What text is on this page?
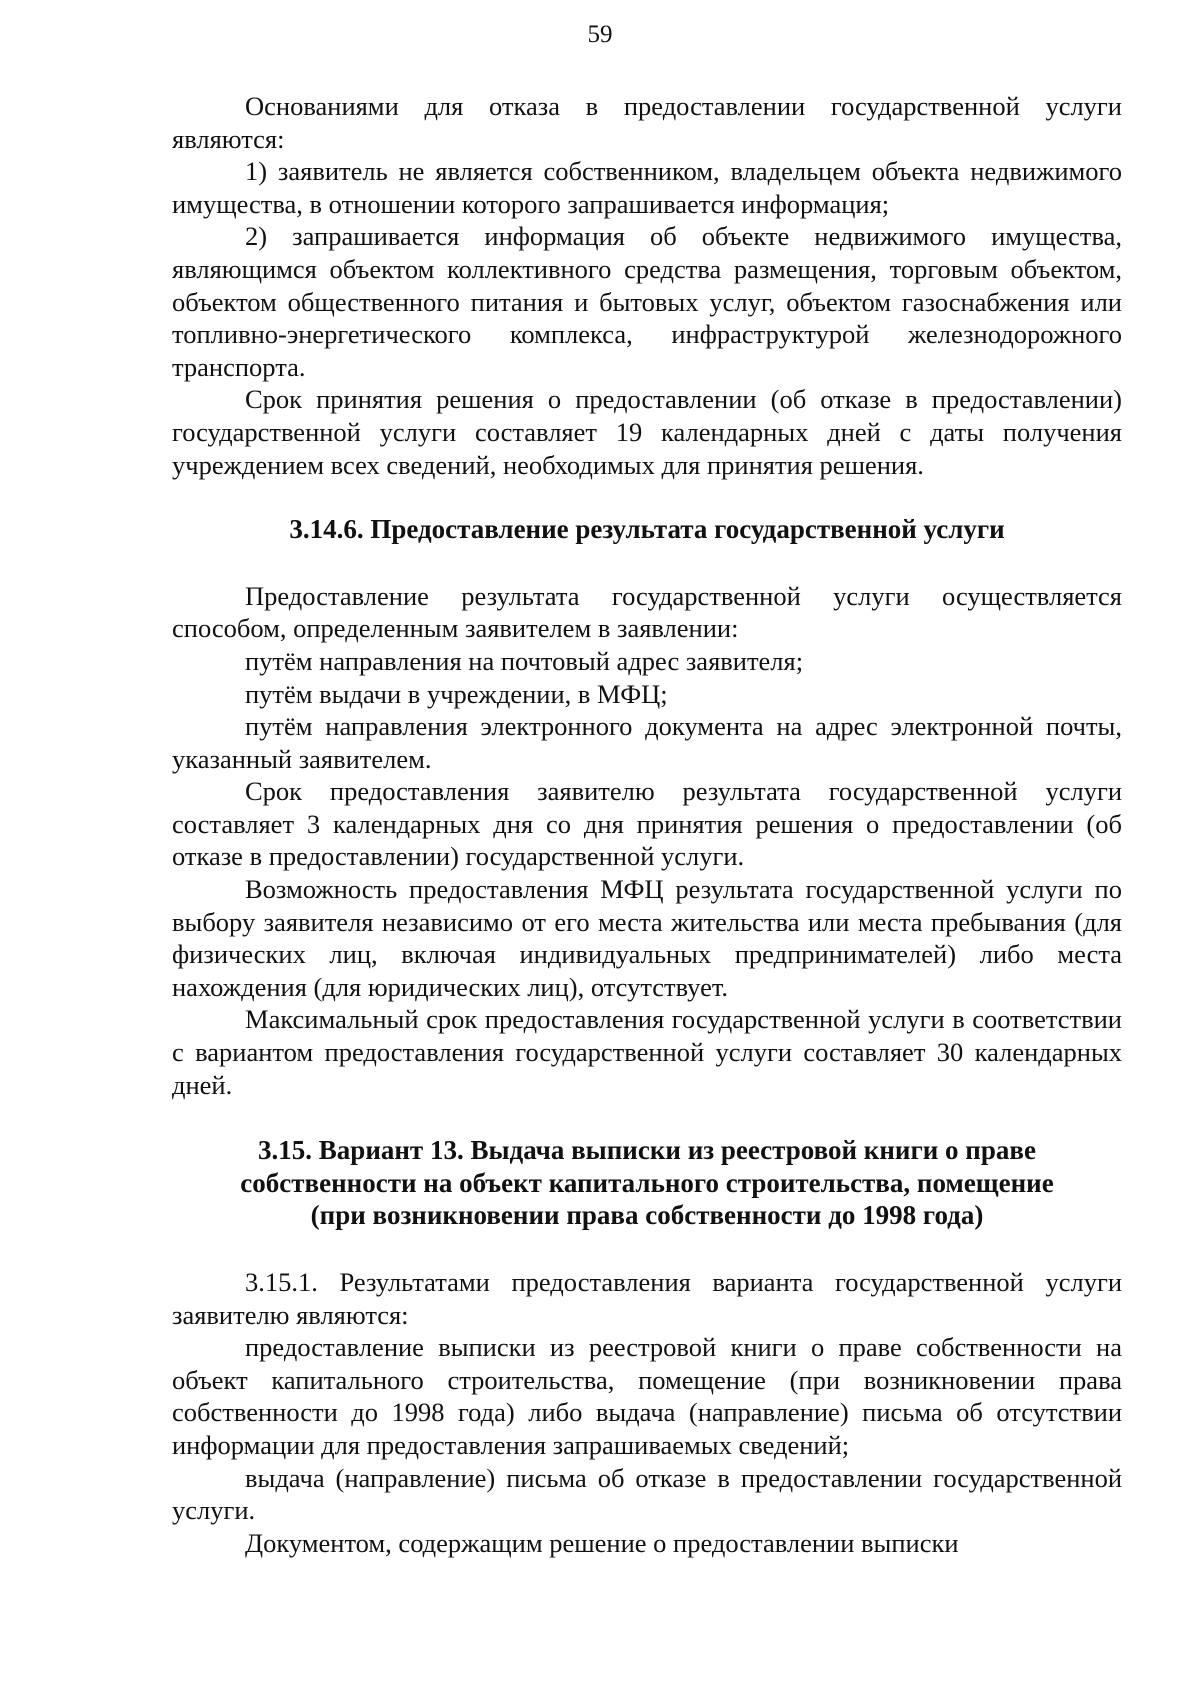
59

Основаниями для отказа в предоставлении государственной услуги являются:

1) заявитель не является собственником, владельцем объекта недвижимого имущества, в отношении которого запрашивается информация;

2) запрашивается информация об объекте недвижимого имущества, являющимся объектом коллективного средства размещения, торговым объектом, объектом общественного питания и бытовых услуг, объектом газоснабжения или топливно-энергетического комплекса, инфраструктурой железнодорожного транспорта.

Срок принятия решения о предоставлении (об отказе в предоставлении) государственной услуги составляет 19 календарных дней с даты получения учреждением всех сведений, необходимых для принятия решения.

3.14.6. Предоставление результата государственной услуги

Предоставление результата государственной услуги осуществляется способом, определенным заявителем в заявлении:

путём направления на почтовый адрес заявителя;

путём выдачи в учреждении, в МФЦ;

путём направления электронного документа на адрес электронной почты, указанный заявителем.

Срок предоставления заявителю результата государственной услуги составляет 3 календарных дня со дня принятия решения о предоставлении (об отказе в предоставлении) государственной услуги.

Возможность предоставления МФЦ результата государственной услуги по выбору заявителя независимо от его места жительства или места пребывания (для физических лиц, включая индивидуальных предпринимателей) либо места нахождения (для юридических лиц), отсутствует.

Максимальный срок предоставления государственной услуги в соответствии с вариантом предоставления государственной услуги составляет 30 календарных дней.

3.15. Вариант 13. Выдача выписки из реестровой книги о праве
собственности на объект капитального строительства, помещение
(при возникновении права собственности до 1998 года)

3.15.1. Результатами предоставления варианта государственной услуги заявителю являются:

предоставление выписки из реестровой книги о праве собственности на объект капитального строительства, помещение (при возникновении права собственности до 1998 года) либо выдача (направление) письма об отсутствии информации для предоставления запрашиваемых сведений;

выдача (направление) письма об отказе в предоставлении государственной услуги.

Документом, содержащим решение о предоставлении выписки
